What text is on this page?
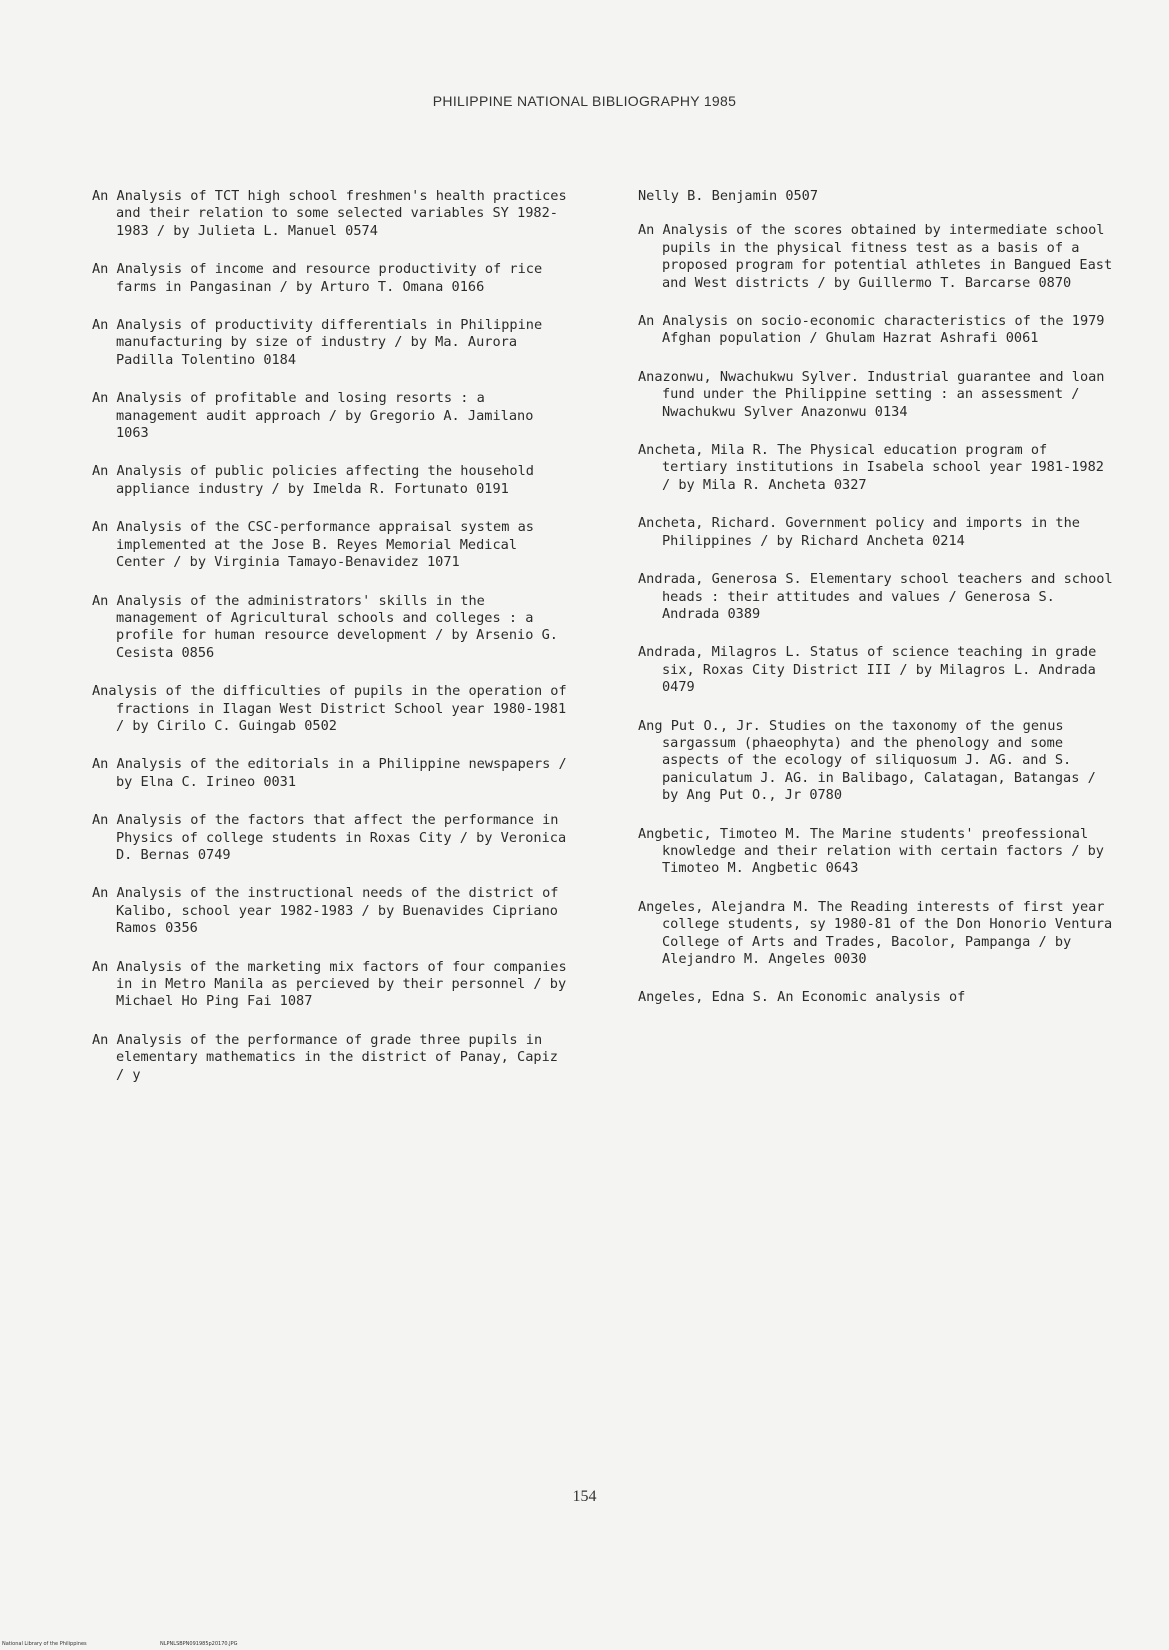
PHILIPPINE NATIONAL BIBLIOGRAPHY 1985
An Analysis of TCT high school freshmen's health practices and their relation to some selected variables SY 1982-1983 / by Julieta L. Manuel 0574
An Analysis of income and resource productivity of rice farms in Pangasinan / by Arturo T. Omana 0166
An Analysis of productivity differentials in Philippine manufacturing by size of industry / by Ma. Aurora Padilla Tolentino 0184
An Analysis of profitable and losing resorts : a management audit approach / by Gregorio A. Jamilano 1063
An Analysis of public policies affecting the household appliance industry / by Imelda R. Fortunato 0191
An Analysis of the CSC-performance appraisal system as implemented at the Jose B. Reyes Memorial Medical Center / by Virginia Tamayo-Benavidez 1071
An Analysis of the administrators' skills in the management of Agricultural schools and colleges : a profile for human resource development / by Arsenio G. Cesista 0856
Analysis of the difficulties of pupils in the operation of fractions in Ilagan West District School year 1980-1981 / by Cirilo C. Guingab 0502
An Analysis of the editorials in a Philippine newspapers / by Elna C. Irineo 0031
An Analysis of the factors that affect the performance in Physics of college students in Roxas City / by Veronica D. Bernas 0749
An Analysis of the instructional needs of the district of Kalibo, school year 1982-1983 / by Buenavides Cipriano Ramos 0356
An Analysis of the marketing mix factors of four companies in in Metro Manila as percieved by their personnel / by Michael Ho Ping Fai 1087
An Analysis of the performance of grade three pupils in elementary mathematics in the district of Panay, Capiz / y
Nelly B. Benjamin 0507
An Analysis of the scores obtained by intermediate school pupils in the physical fitness test as a basis of a proposed program for potential athletes in Bangued East and West districts / by Guillermo T. Barcarse 0870
An Analysis on socio-economic characteristics of the 1979 Afghan population / Ghulam Hazrat Ashrafi 0061
Anazonwu, Nwachukwu Sylver. Industrial guarantee and loan fund under the Philippine setting : an assessment / Nwachukwu Sylver Anazonwu 0134
Ancheta, Mila R. The Physical education program of tertiary institutions in Isabela school year 1981-1982 / by Mila R. Ancheta 0327
Ancheta, Richard. Government policy and imports in the Philippines / by Richard Ancheta 0214
Andrada, Generosa S. Elementary school teachers and school heads : their attitudes and values / Generosa S. Andrada 0389
Andrada, Milagros L. Status of science teaching in grade six, Roxas City District III / by Milagros L. Andrada 0479
Ang Put O., Jr. Studies on the taxonomy of the genus sargassum (phaeophyta) and the phenology and some aspects of the ecology of siliquosum J. AG. and S. paniculatum J. AG. in Balibago, Calatagan, Batangas / by Ang Put O., Jr 0780
Angbetic, Timoteo M. The Marine students' preofessional knowledge and their relation with certain factors / by Timoteo M. Angbetic 0643
Angeles, Alejandra M. The Reading interests of first year college students, sy 1980-81 of the Don Honorio Ventura College of Arts and Trades, Bacolor, Pampanga / by Alejandro M. Angeles 0030
Angeles, Edna S. An Economic analysis of
154
National Library of the Philippines	NLPNLSBPN091985p20170.JPG
